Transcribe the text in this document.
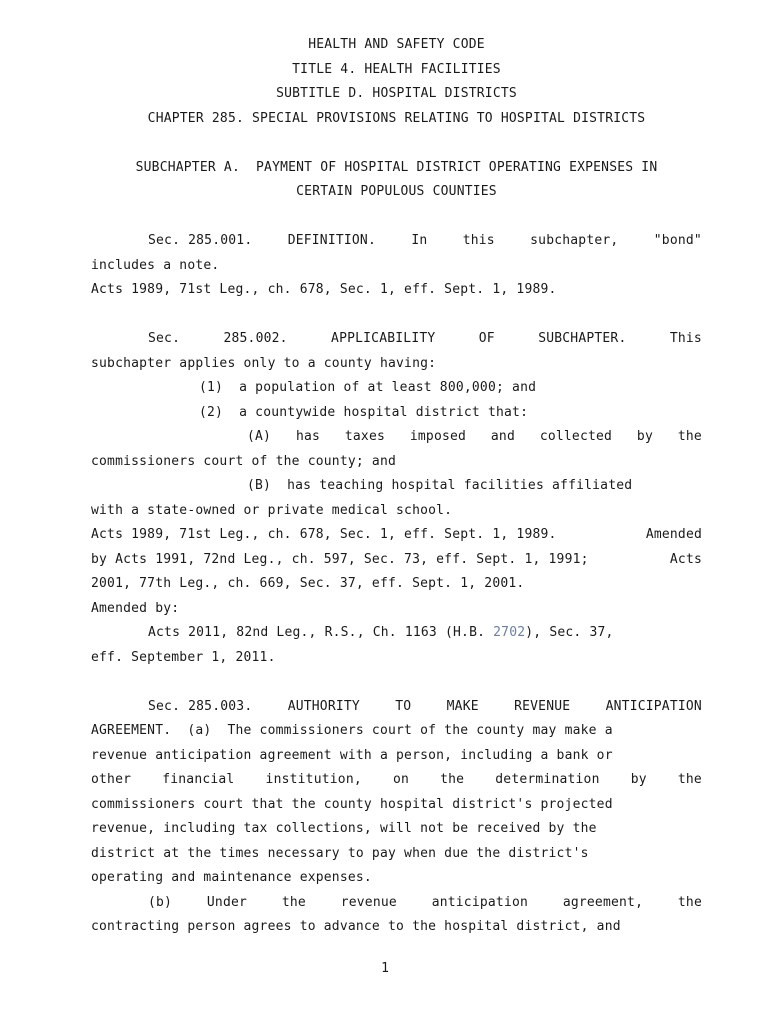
HEALTH AND SAFETY CODE
TITLE 4. HEALTH FACILITIES
SUBTITLE D. HOSPITAL DISTRICTS
CHAPTER 285. SPECIAL PROVISIONS RELATING TO HOSPITAL DISTRICTS
SUBCHAPTER A.  PAYMENT OF HOSPITAL DISTRICT OPERATING EXPENSES IN
CERTAIN POPULOUS COUNTIES
Sec. 285.001.	DEFINITION.	In	this	subchapter,	"bond"
includes a note.
Acts 1989, 71st Leg., ch. 678, Sec. 1, eff. Sept. 1, 1989.
Sec.	285.002.	APPLICABILITY	OF	SUBCHAPTER.	This
subchapter applies only to a county having:
(1)  a population of at least 800,000; and
(2)  a countywide hospital district that:
(A) has taxes imposed and collected by the
commissioners court of the county; and
(B)  has teaching hospital facilities affiliated
with a state-owned or private medical school.
Acts 1989, 71st Leg., ch. 678, Sec. 1, eff. Sept. 1, 1989.	Amended
by Acts 1991, 72nd Leg., ch. 597, Sec. 73, eff. Sept. 1, 1991;	Acts
2001, 77th Leg., ch. 669, Sec. 37, eff. Sept. 1, 2001.
Amended by:
Acts 2011, 82nd Leg., R.S., Ch. 1163 (H.B. 2702), Sec. 37,
eff. September 1, 2011.
Sec. 285.003.	AUTHORITY	TO	MAKE	REVENUE	ANTICIPATION
AGREEMENT.  (a)  The commissioners court of the county may make a
revenue anticipation agreement with a person, including a bank or
other financial institution, on the determination by the
commissioners court that the county hospital district's projected
revenue, including tax collections, will not be received by the
district at the times necessary to pay when due the district's
operating and maintenance expenses.
(b)	Under	the	revenue	anticipation	agreement,	the
contracting person agrees to advance to the hospital district, and
1
